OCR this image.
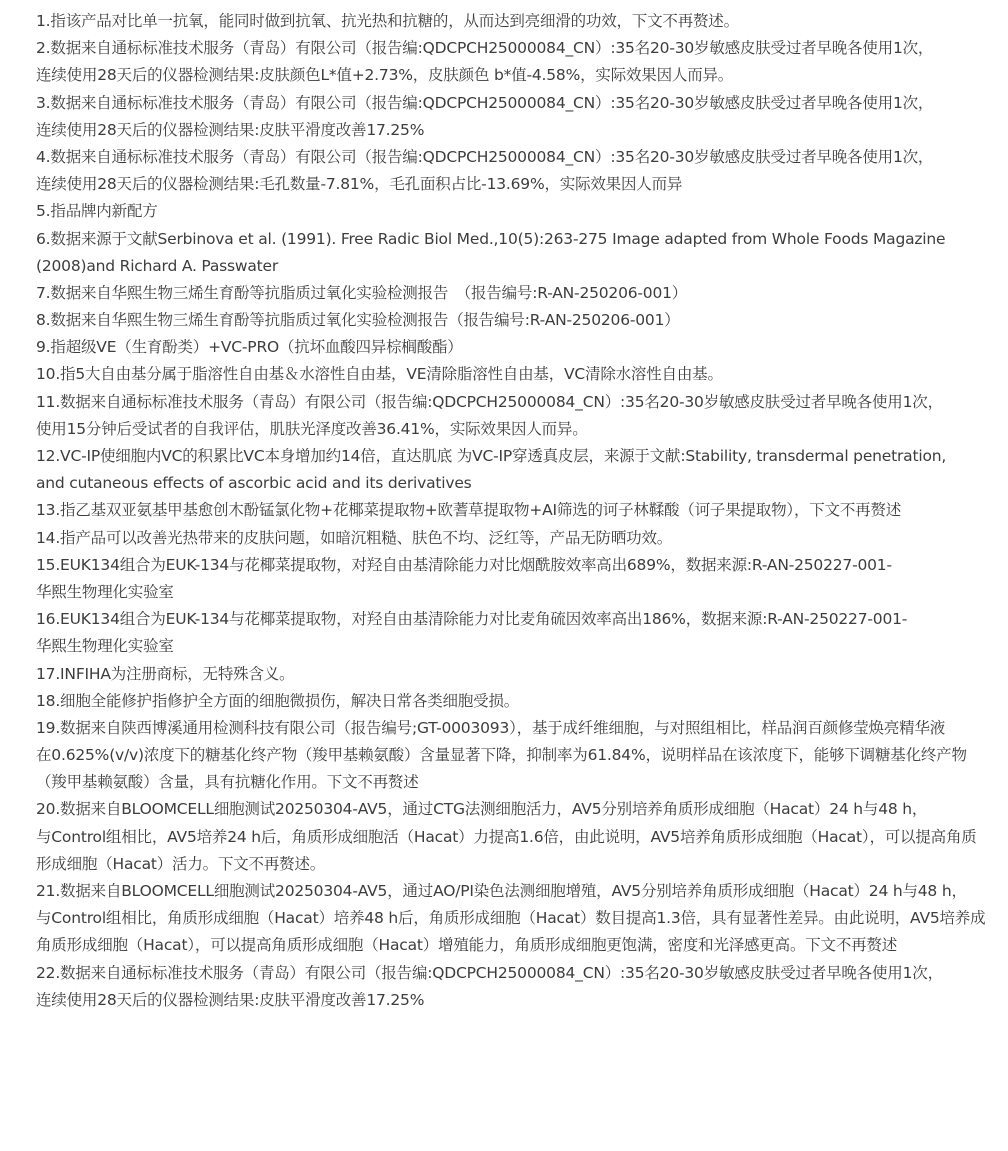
1.指该产品对比单一抗氧，能同时做到抗氧、抗光热和抗糖的，从而达到亮细滑的功效，下文不再赘述。
2.数据来自通标标准技术服务（青岛）有限公司（报告编:QDCPCH25000084_CN）:35名20-30岁敏感皮肤受过者早晚各使用1次，
连续使用28天后的仪器检测结果:皮肤颜色L*值+2.73%，皮肤颜色 b*值-4.58%，实际效果因人而异。
3.数据来自通标标准技术服务（青岛）有限公司（报告编:QDCPCH25000084_CN）:35名20-30岁敏感皮肤受过者早晚各使用1次，
连续使用28天后的仪器检测结果:皮肤平滑度改善17.25%
4.数据来自通标标准技术服务（青岛）有限公司（报告编:QDCPCH25000084_CN）:35名20-30岁敏感皮肤受过者早晚各使用1次，
连续使用28天后的仪器检测结果:毛孔数量-7.81%，毛孔面积占比-13.69%，实际效果因人而异
5.指品牌内新配方
6.数据来源于文献Serbinova et al. (1991). Free Radic Biol Med.,10(5):263-275 Image adapted from Whole Foods Magazine
(2008)and Richard A. Passwater
7.数据来自华熙生物三烯生育酚等抗脂质过氧化实验检测报告　（报告编号:R-AN-250206-001）
8.数据来自华熙生物三烯生育酚等抗脂质过氧化实验检测报告（报告编号:R-AN-250206-001）
9.指超级VE（生育酚类）+VC-PRO（抗坏血酸四异棕榈酸酯）
10.指5大自由基分属于脂溶性自由基＆水溶性自由基，VE清除脂溶性自由基，VC清除水溶性自由基。
11.数据来自通标标准技术服务（青岛）有限公司（报告编:QDCPCH25000084_CN）:35名20-30岁敏感皮肤受过者早晚各使用1次，
使用15分钟后受试者的自我评估，肌肤光泽度改善36.41%，实际效果因人而异。
12.VC-IP使细胞内VC的积累比VC本身增加约14倍，直达肌底 为VC-IP穿透真皮层，来源于文献:Stability, transdermal penetration,
and cutaneous effects of ascorbic acid and its derivatives
13.指乙基双亚氨基甲基愈创木酚锰氯化物+花椰菜提取物+欧蓍草提取物+AI筛选的诃子林鞣酸（诃子果提取物），下文不再赘述
14.指产品可以改善光热带来的皮肤问题，如暗沉粗糙、肤色不均、泛红等，产品无防晒功效。
15.EUK134组合为EUK-134与花椰菜提取物，对羟自由基清除能力对比烟酰胺效率高出689%，数据来源:R-AN-250227-001-
华熙生物理化实验室
16.EUK134组合为EUK-134与花椰菜提取物，对羟自由基清除能力对比麦角硫因效率高出186%，数据来源:R-AN-250227-001-
华熙生物理化实验室
17.INFIHA为注册商标，无特殊含义。
18.细胞全能修护指修护全方面的细胞微损伤，解决日常各类细胞受损。
19.数据来自陕西博溪通用检测科技有限公司（报告编号;GT-0003093），基于成纤维细胞，与对照组相比，样品润百颜修莹焕亮精华液
在0.625%(v/v)浓度下的糖基化终产物（羧甲基赖氨酸）含量显著下降，抑制率为61.84%，说明样品在该浓度下，能够下调糖基化终产物
（羧甲基赖氨酸）含量，具有抗糖化作用。下文不再赘述
20.数据来自BLOOMCELL细胞测试20250304-AV5，通过CTG法测细胞活力，AV5分别培养角质形成细胞（Hacat）24 h与48 h，
与Control组相比，AV5培养24 h后，角质形成细胞活（Hacat）力提高1.6倍，由此说明，AV5培养角质形成细胞（Hacat），可以提高角质
形成细胞（Hacat）活力。下文不再赘述。
21.数据来自BLOOMCELL细胞测试20250304-AV5，通过AO/PI染色法测细胞增殖，AV5分别培养角质形成细胞（Hacat）24 h与48 h，
与Control组相比，角质形成细胞（Hacat）培养48 h后，角质形成细胞（Hacat）数目提高1.3倍，具有显著性差异。由此说明，AV5培养成
角质形成细胞（Hacat），可以提高角质形成细胞（Hacat）增殖能力，角质形成细胞更饱满，密度和光泽感更高。下文不再赘述
22.数据来自通标标准技术服务（青岛）有限公司（报告编:QDCPCH25000084_CN）:35名20-30岁敏感皮肤受过者早晚各使用1次，
连续使用28天后的仪器检测结果:皮肤平滑度改善17.25%
